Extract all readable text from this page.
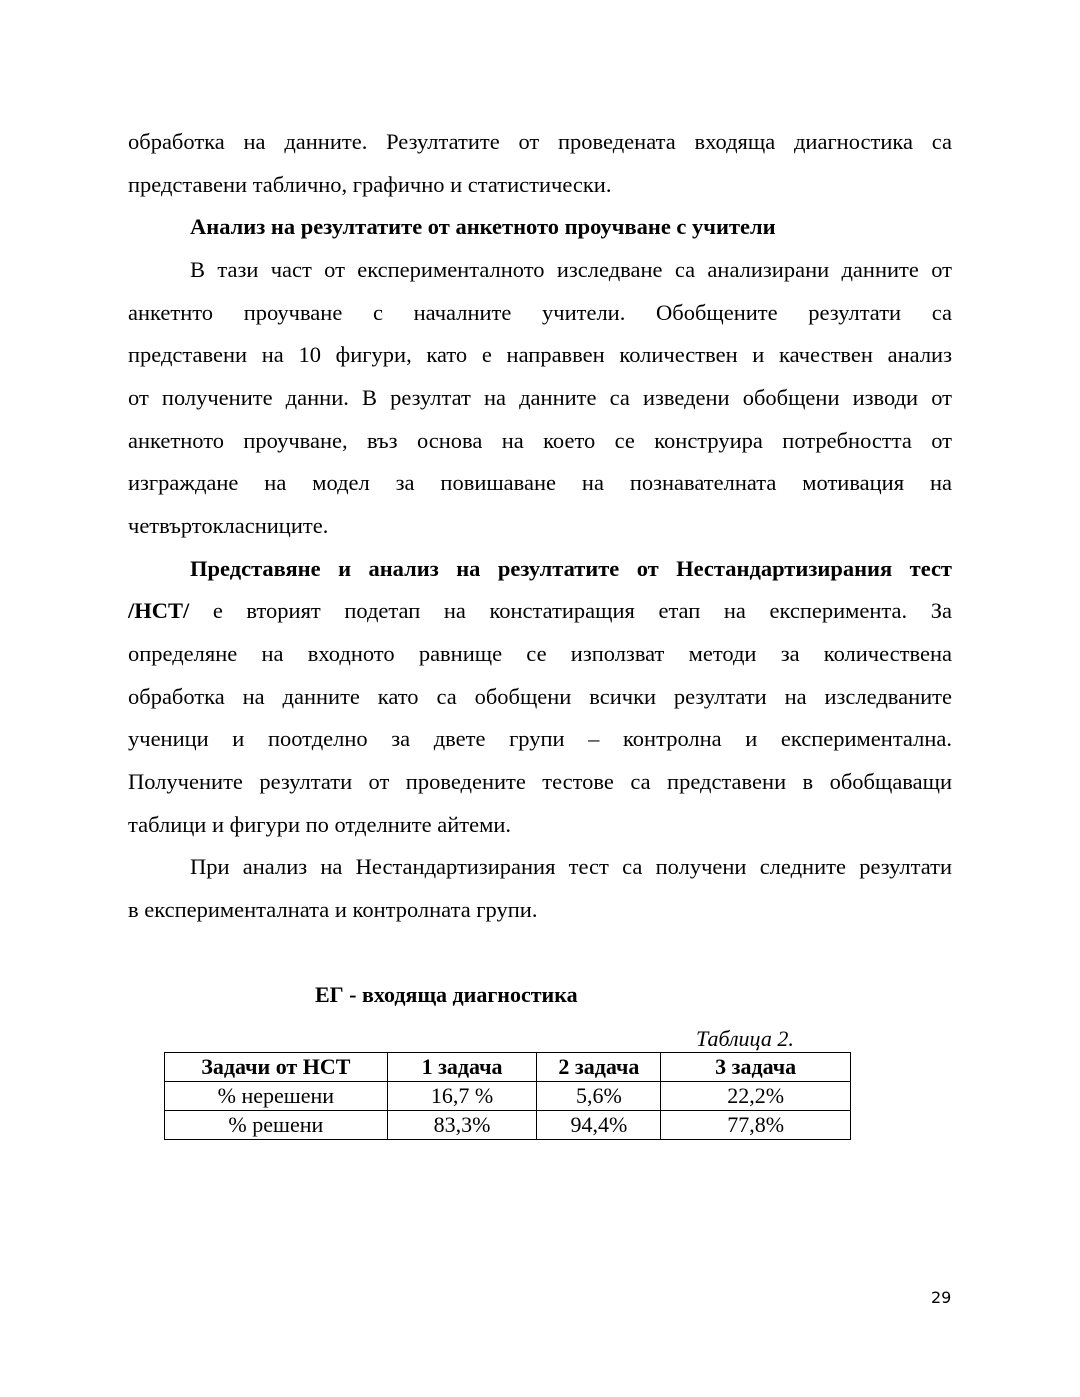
обработка на данните. Резултатите от проведената входяща диагностика са
представени таблично, графично и статистически.
Анализ на резултатите от анкетното проучване с учители
В тази част от експерименталното изследване са анализирани данните от
анкетнто проучване с началните учители. Обобщените резултати са
представени на 10 фигури, като е направвен количествен и качествен анализ
от получените данни. В резултат на данните са изведени обобщени изводи от
анкетното проучване, въз основа на което се конструира потребността от
изграждане на модел за повишаване на познавателната мотивация на
четвъртокласниците.
Представяне и анализ на резултатите от Нестандартизирания тест
/НСТ/ е вторият подетап на констатиращия етап на експеримента. За
определяне на входното равнище се използват методи за количествена
обработка на данните като са обобщени всички резултати на изследваните
ученици и поотделно за двете групи – контролна и експериментална.
Получените резултати от проведените тестове са представени в обобщаващи
таблици и фигури по отделните айтеми.
При анализ на Нестандартизирания тест са получени следните резултати
в експерименталната и контролната групи.
ЕГ - входяща диагностика
Таблица 2.
Задачи от НСТ	1 задача	2 задача	3 задача
% нерешени	16,7 %	5,6%	22,2%
% решени	83,3%	94,4%	77,8%
29
